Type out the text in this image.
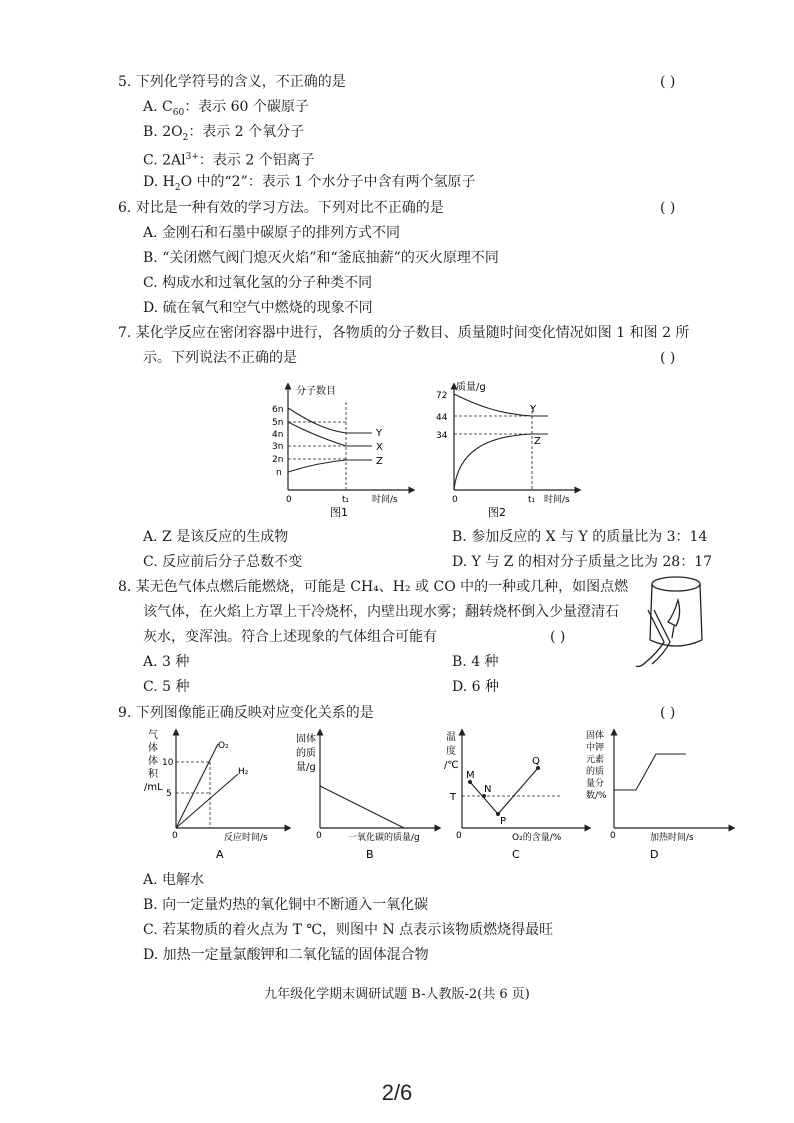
5. 下列化学符号的含义，不正确的是	( )
A. $C_{60}$：表示 60 个碳原子
B. $2O_2$：表示 2 个氧分子
C. $2Al^{3+}$：表示 2 个铝离子
D. $H_2O$ 中的“2”：表示 1 个水分子中含有两个氢原子
6. 对比是一种有效的学习方法。下列对比不正确的是	( )
A. 金刚石和石墨中碳原子的排列方式不同
B. “关闭燃气阀门熄灭火焰”和“釜底抽薪”的灭火原理不同
C. 构成水和过氧化氢的分子种类不同
D. 硫在氧气和空气中燃烧的现象不同
7. 某化学反应在密闭容器中进行，各物质的分子数目、质量随时间变化情况如图 1 和图 2 所
示。下列说法不正确的是	( )
分子数目
6n
5n
4n
3n
2n
n
Y
X
Z
0	t₁	时间/s
图1
质量/g
72
44
34
Y
Z
0	t₁ 时间/s
图2
A. Z 是该反应的生成物	B. 参加反应的 X 与 Y 的质量比为 3：14
C. 反应前后分子总数不变	D. Y 与 Z 的相对分子质量之比为 28：17
8. 某无色气体点燃后能燃烧，可能是 CH₄、H₂ 或 CO 中的一种或几种，如图点燃
该气体，在火焰上方罩上干冷烧杯，内壁出现水雾；翻转烧杯倒入少量澄清石
灰水，变浑浊。符合上述现象的气体组合可能有	( )
A. 3 种	B. 4 种
C. 5 种	D. 6 种
9. 下列图像能正确反映对应变化关系的是	( )
气
体
体
积
/mL
10
5
O₂
H₂
0	反应时间/s
A
固体
的质
量/g
0	一氧化碳的质量/g
B
温
度
/℃
T
M
N
P
Q
0	O₂的含量/%
C
固体
中钾
元素
的质
量分
数/%
0	加热时间/s
D
A. 电解水
B. 向一定量灼热的氧化铜中不断通入一氧化碳
C. 若某物质的着火点为 T ℃，则图中 N 点表示该物质燃烧得最旺
D. 加热一定量氯酸钾和二氧化锰的固体混合物
九年级化学期末调研试题 B-人教版-2(共 6 页)
2/6
